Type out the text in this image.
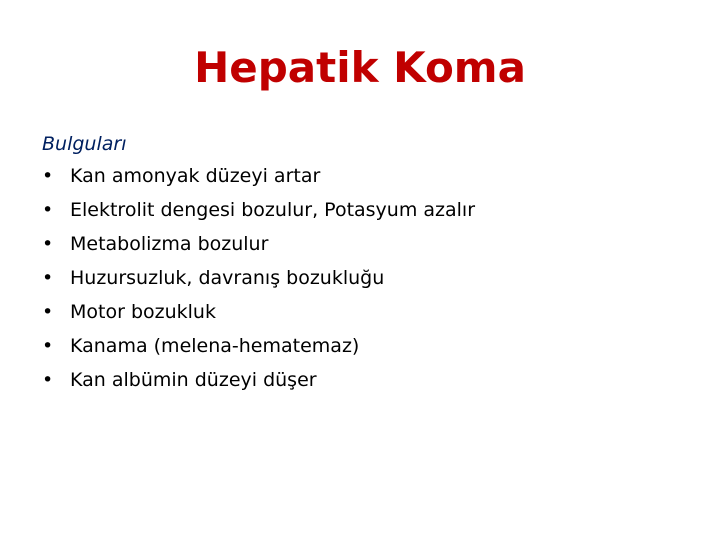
Hepatik Koma

Bulguları

• Kan amonyak düzeyi artar
• Elektrolit dengesi bozulur, Potasyum azalır
• Metabolizma bozulur
• Huzursuzluk, davranış bozukluğu
• Motor bozukluk
• Kanama (melena-hematemaz)
• Kan albümin düzeyi düşer
